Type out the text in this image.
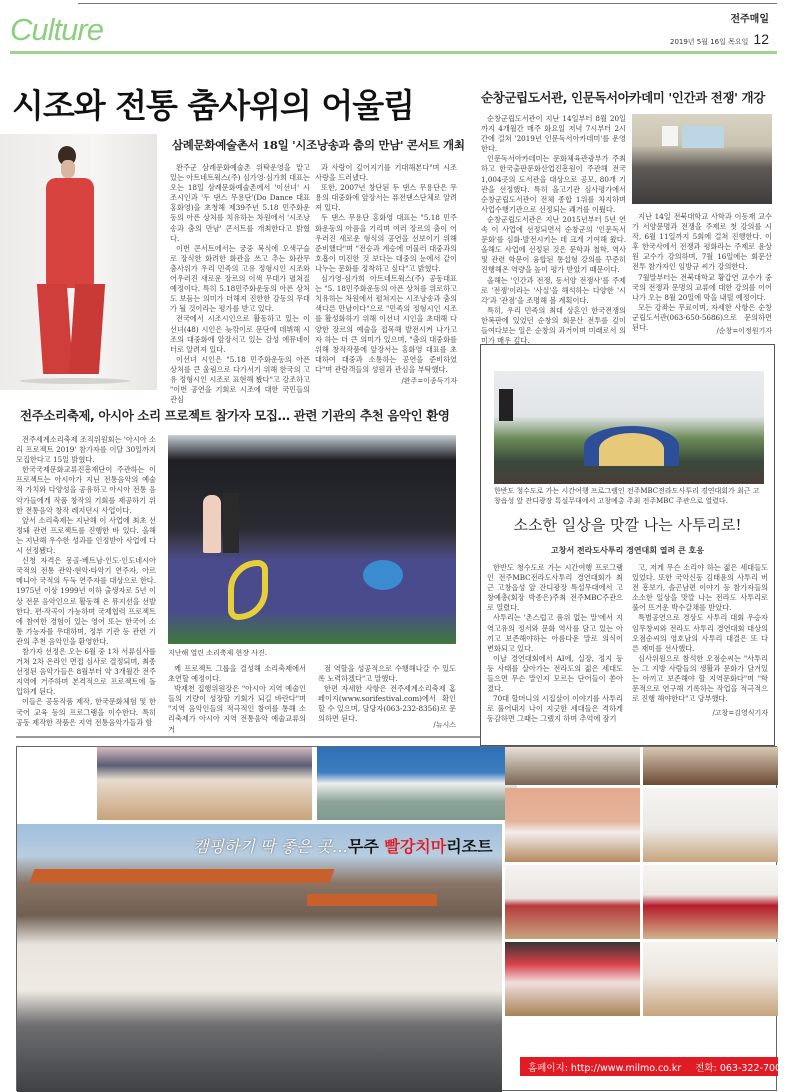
Culture	전주매일
2019년 5월 16일 목요일 12
시조와 전통 춤사위의 어울림
삼례문화예술촌서 18일 '시조낭송과 춤의 만남' 콘서트 개최

완주군 삼례문화예술촌 위탁운영을 맡고 있는 아트네트웍스(주) 심가영·심가희 대표는 오는 18일 삼례문화예술촌에서 '이선녀' 시조시인과 '두 댄스 무용단'(Do Dance 대표 홍화영)을 초청해 제39주년 5.18 민주화운동의 아픈 상처를 치유하는 차원에서 '시조낭송과 춤의 만남' 콘서트를 개최한다고 밝혔다.

이번 콘서트에서는 궁중 복식에 오색구슬로 장식한 화려한 화관을 쓰고 추는 화관무 춤사위가 우리 민족의 고유 정형시인 시조와 어우러진 새로운 장르의 이색 무대가 펼쳐질 예정이다. 특히 5.18민주화운동의 아픈 상처도 보듬는 의미가 더해져 진한한 감동의 무대가 될 것이라는 평가를 받고 있다.

전국에서 시조시인으로 활동하고 있는 이선녀(48) 시인은 늦깎이로 문단에 데뷔해 시조의 대중화에 앞장서고 있는 감성 에뮤네이터로 알려져 있다.

이선녀 시인은 "5.18 민주화운동의 아픈 상처를 큰 울림으로 다가서기 위해 한국의 고유 정형시인 시조로 표현해 봤다"고 강조하고 "이번 공연을 기회로 시조에 대한 국민들의 관심

과 사랑이 깊어지기를 기대해본다"며 시조사랑을 드러냈다.

또한, 2007년 창단된 두 댄스 무용단은 무용의 대중화에 앞장서는 퓨전댄스단체로 알려져 있다.

두 댄스 무용단 홍화영 대표는 "5.18 민주화운동의 아픔을 기리며 여러 장르의 춤이 어우러진 새로운 형식의 공연을 선보이기 위해 준비했다"며 "전승과 계승에 머물러 대중과의 호흡이 미진한 것 보다는 대중의 눈에서 같이 나누는 문화를 정착하고 싶다"고 밝혔다.

심가영·심가희 아트네트웍스(주) 공동대표는 "5. 18민주화운동의 아픈 상처를 위로하고 치유하는 차원에서 펼쳐지는 시조낭송과 춤의 색다른 만남이다"으로 "민족의 정형시인 시조를 활성화하기 위해 이선녀 시인을 초대해 다양한 장르의 예술을 접목해 발전시켜 나가고자 하는 더 큰 의미가 있으며, "춤의 대중화를 위해 창작작품에 앞장서는 홍화영 대표를 초대하여 대중과 소통하는 공연을 준비하였다"며 관람객들의 성원과 관심을 부탁했다.

/완주=이종득기자
순창군립도서관, 인문독서아카데미 '인간과 전쟁' 개강

순창군립도서관이 지난 14일부터 8월 20일까지 4개월간 매주 화요일 저녁 7시부터 2시간에 걸쳐 '2019년 인문독서아카데미'를 운영한다.

인문독서아카데미는 문화체육관광부가 주최하고 한국출판문화산업진흥원이 주관해 전국 1,004곳의 도서관을 대상으로 공모, 80개 기관을 선정했다. 특히 올고기관 심사평가에서 순창군립도서관이 전체 종합 1위를 차지하며 사업수행기관으로 선정되는 쾌거를 이뤘다.

순창군립도서관은 지난 2015년부터 5년 연속 이 사업에 선정되면서 순창군의 '인문독서문화'를 심화·발전시키는 데 크게 기여해 왔다. 올해도 사업에 선정된 것은 문학과 철학, 역사 및 관련 학문이 융합된 통섭형 강의를 꾸준히 진행해온 역량을 높이 평가 받았기 때문이다.

올해는 '인간과 전쟁, 동서양 전쟁사'를 주제로 '전쟁'이라는 '사실'을 해석하는 다양한 '시각'과 '관점'을 조명해 볼 계획이다.

특히, 우리 민족의 최대 상흔인 한국전쟁의 한복판에 있었던 순창의 회문산 전투를 깊이 들여다보는 일은 순창의 과거이며 미래로서 의미가 매우 깊다.

지난 14일 전북대학교 사학과 이동재 교수가 서양문명과 전쟁을 주제로 첫 강의를 시작, 6월 11일까지 5회에 걸쳐 진행한다. 이후 한국사에서 전쟁과 평화라는 주제로 윤상원 교수가 강의하며, 7월 16일에는 회문산 전투 참가자인 임방규 씨가 강의한다.

7월말부터는 전북대학교 황갑연 교수가 중국의 전쟁과 문명의 교류에 대한 강의를 이어나가 오는 8월 20일에 막을 내릴 예정이다.

모든 강좌는 무료이며, 자세한 사항은 순창군립도서관(063-650-5686)으로 문의하면 된다.	/순창=이정원기자
한반도 청수도로 가는 시간여행 프로그램인 전주MBC전라도사투리 경연대회가 최근 고창읍성 앞 잔디광장 특설무대에서 고창예총 주최 전주MBC 주관으로 열렸다.
소소한 일상을 맛깔 나는 사투리로!
고창서 전라도사투리 경연대회 열려 큰 호응

한반도 청수도로 가는 시간여행 프로그램인 전주MBC전라도사투리 경연대회가 최근 고창읍성 앞 잔디광장 특설무대에서 고창예총(회장 박종은)주최 전주MBC주관으로 열렸다.

사투리는 '촌스럽고 품위 없는 말'에서 지역고유의 정서와 문화 역사를 담고 있는 아끼고 보존해야하는 아름다운 말로 의식이 변화되고 있다.

이날 경연대회에서 AI에, 실장, 정지 등 등 사태를 살아가는 전라도의 젊은 세대도 들으면 무슨 말인지 모르는 단어들이 쏟아졌다.

70대 할머니의 시집살이 이야기를 사투리로 풀어내지 나이 지긋한 세대들은 격하게 동감하면 그때는 그랬지 하며 추억에 잠기

고, 저게 무슨 소리야 하는 젊은 세대들도 있었다. 또한 국악신동 김태윤의 사투리 버전 흥보가, 솔곤남편 이야기 등 참가자들의 소소한 일상을 맛깔 나는 전라도 사투리로 풀어 뜨거운 박수갈채를 받았다.

특별공연으로 경상도 사투리 대회 우승자 임무창씨와 전라도 사투리 경연대회 대상의 오점순씨의 영호남의 사투리 대결은 또 다른 재미를 선사했다.

심사위원으로 참석한 오점순씨는 "사투리는 그 지방 사람들의 생활과 문화가 담겨있는 아끼고 보존해야 할 지역문화다"며 "학문적으로 연구해 기록하는 작업을 적극적으로 진행 해야한다"고 당부했다.

/고창=김영식기자
전주소리축제, 아시아 소리 프로젝트 참가자 모집… 관련 기관의 추천 음악인 환영

전주세계소리축제 조직위원회는 '아시아 소리 프로젝트 2019' 참가자를 이달 30일까지 모집한다고 15일 밝혔다.

한국국제문화교류진흥재단이 주관하는 이 프로젝트는 아시아가 지닌 전통음악의 예술적 가치와 다양성을 공유하고 아시아 전통 음악가들에게 작품 창작의 기회를 제공하기 위한 전통음악 창작 레지던시 사업이다.

앞서 소리축제는 지난해 이 사업에 최초 선정돼 관련 프로젝트를 진행한 바 있다. 올해는 지난해 우수한 성과를 인정받아 사업에 다시 선정됐다.

신청 자격은 몽골·베트남·인도·인도네시아 국적의 전통 관악·현악·타악기 연주자, 아르메니아 국적의 두둑 연주자를 대상으로 한다. 1975년 이상 1999년 이하 출생자로 5년 이상 전문 음악인으로 활동해 온 뮤지션을 선발한다. 편·작곡이 가능하며 국제협력 프로젝트에 참여한 경험이 있는 영어 또는 한국어 소통 가능자를 우대하며, 정부 기관 등 관련 기관의 추천 음악인을 환영한다.

참가자 선정은 오는 6월 중 1차 서류심사를 거쳐 2차 온라인 면접 심사로 결정되며, 최종 선정된 음악가들은 8월부터 약 3개월간 전주 지역에 거주하며 본격적으로 프로젝트에 돌입하게 된다.

이들은 공동작품 제작, 한국문화체험 및 한국어 교육 등의 프로그램을 이수한다. 특히 공동 제작한 작품은 지역 전통음악가들과 함

지난해 열린 소리축제 현장 사진.

께 프로젝트 그룹을 결성해 소리축제에서 초연할 예정이다.

박재천 집행위원장은 "아시아 지역 예술인들의 기량이 성장할 기회가 되길 바란다"며 "지역 음악인들의 적극적인 참여를 통해 소리축제가 아시아 지역 전통음악 예술교류의 거

점 역할을 성공적으로 수행해나갈 수 있도록 노력하겠다"고 말했다.

한편 자세한 사항은 전주세계소리축제 홈페이지(www.sorifestival.com)에서 확인할 수 있으며, 담당자(063-232-8356)로 문의하면 된다.

/뉴시스
캠핑하기 딱 좋은 곳…무주 빨강치마리조트
홈페이지: http://www.milmo.co.kr 전화: 063-322-7000
